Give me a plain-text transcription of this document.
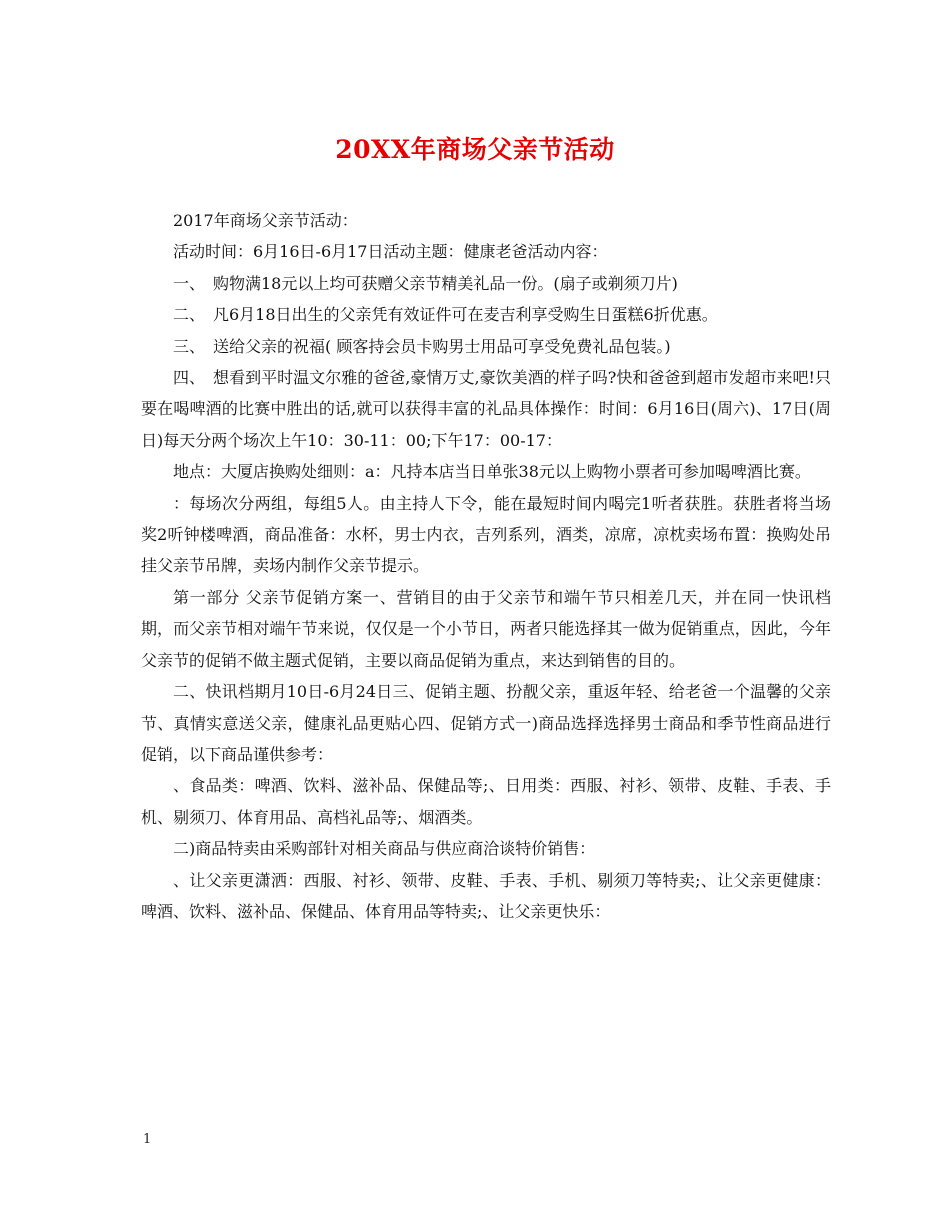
20XX年商场父亲节活动

2017年商场父亲节活动：

活动时间：6月16日-6月17日活动主题：健康老爸活动内容：

一、　购物满18元以上均可获赠父亲节精美礼品一份。(扇子或剃须刀片)

二、　凡6月18日出生的父亲凭有效证件可在麦吉利享受购生日蛋糕6折优惠。

三、　送给父亲的祝福( 顾客持会员卡购男士用品可享受免费礼品包装。)

四、　想看到平时温文尔雅的爸爸,豪情万丈,豪饮美酒的样子吗?快和爸爸到超市发超市来吧!只要在喝啤酒的比赛中胜出的话,就可以获得丰富的礼品具体操作：时间：6月16日(周六)、17日(周日)每天分两个场次上午10：30-11：00;下午17：00-17：

地点：大厦店换购处细则：a：凡持本店当日单张38元以上购物小票者可参加喝啤酒比赛。

：每场次分两组，每组5人。由主持人下令，能在最短时间内喝完1听者获胜。获胜者将当场奖2听钟楼啤酒，商品准备：水杯，男士内衣，吉列系列，酒类，凉席，凉枕卖场布置：换购处吊挂父亲节吊牌，卖场内制作父亲节提示。

第一部分 父亲节促销方案一、营销目的由于父亲节和端午节只相差几天，并在同一快讯档期，而父亲节相对端午节来说，仅仅是一个小节日，两者只能选择其一做为促销重点，因此，今年父亲节的促销不做主题式促销，主要以商品促销为重点，来达到销售的目的。

二、快讯档期月10日-6月24日三、促销主题、扮靓父亲，重返年轻、给老爸一个温馨的父亲节、真情实意送父亲，健康礼品更贴心四、促销方式一)商品选择选择男士商品和季节性商品进行促销，以下商品谨供参考：

、食品类：啤酒、饮料、滋补品、保健品等;、日用类：西服、衬衫、领带、皮鞋、手表、手机、剔须刀、体育用品、高档礼品等;、烟酒类。

二)商品特卖由采购部针对相关商品与供应商洽谈特价销售：

、让父亲更潇洒：西服、衬衫、领带、皮鞋、手表、手机、剔须刀等特卖;、让父亲更健康：啤酒、饮料、滋补品、保健品、体育用品等特卖;、让父亲更快乐：

1
